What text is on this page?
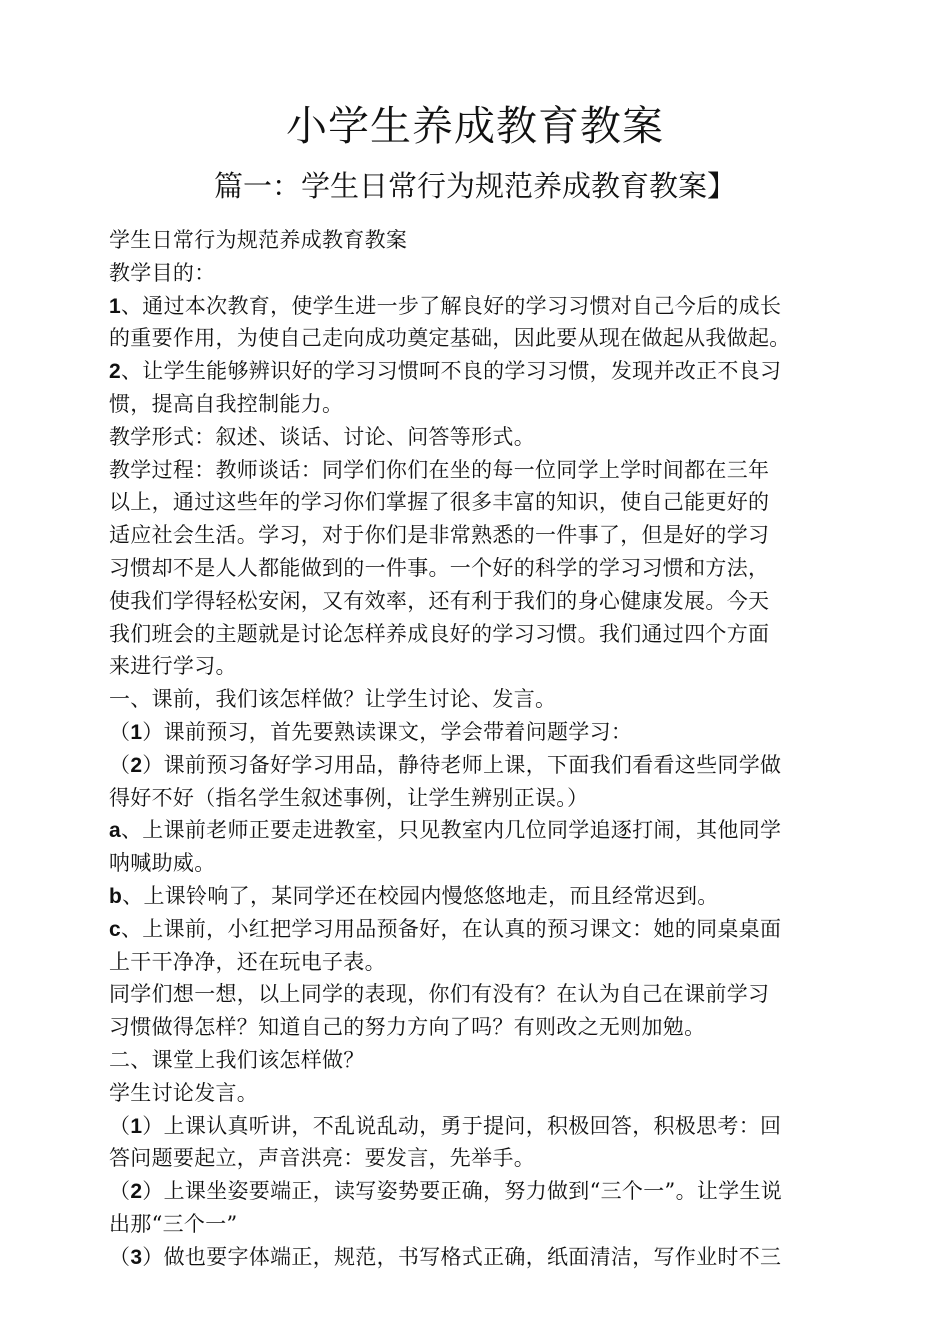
小学生养成教育教案
篇一：学生日常行为规范养成教育教案】
学生日常行为规范养成教育教案
教学目的：
1、通过本次教育，使学生进一步了解良好的学习习惯对自己今后的成长
的重要作用，为使自己走向成功奠定基础，因此要从现在做起从我做起。
2、让学生能够辨识好的学习习惯呵不良的学习习惯，发现并改正不良习
惯，提高自我控制能力。
教学形式：叙述、谈话、讨论、问答等形式。
教学过程：教师谈话：同学们你们在坐的每一位同学上学时间都在三年
以上，通过这些年的学习你们掌握了很多丰富的知识，使自己能更好的
适应社会生活。学习，对于你们是非常熟悉的一件事了，但是好的学习
习惯却不是人人都能做到的一件事。一个好的科学的学习习惯和方法，
使我们学得轻松安闲，又有效率，还有利于我们的身心健康发展。今天
我们班会的主题就是讨论怎样养成良好的学习习惯。我们通过四个方面
来进行学习。
一、课前，我们该怎样做？让学生讨论、发言。
（1）课前预习，首先要熟读课文，学会带着问题学习：
（2）课前预习备好学习用品，静待老师上课，下面我们看看这些同学做
得好不好（指名学生叙述事例，让学生辨别正误。）
a、上课前老师正要走进教室，只见教室内几位同学追逐打闹，其他同学
呐喊助威。
b、上课铃响了，某同学还在校园内慢悠悠地走，而且经常迟到。
c、上课前，小红把学习用品预备好，在认真的预习课文：她的同桌桌面
上干干净净，还在玩电子表。
同学们想一想，以上同学的表现，你们有没有？在认为自己在课前学习
习惯做得怎样？知道自己的努力方向了吗？有则改之无则加勉。
二、课堂上我们该怎样做？
学生讨论发言。
（1）上课认真听讲，不乱说乱动，勇于提问，积极回答，积极思考：回
答问题要起立，声音洪亮：要发言，先举手。
（2）上课坐姿要端正，读写姿势要正确，努力做到“三个一”。让学生说
出那“三个一”
（3）做也要字体端正，规范，书写格式正确，纸面清洁，写作业时不三
